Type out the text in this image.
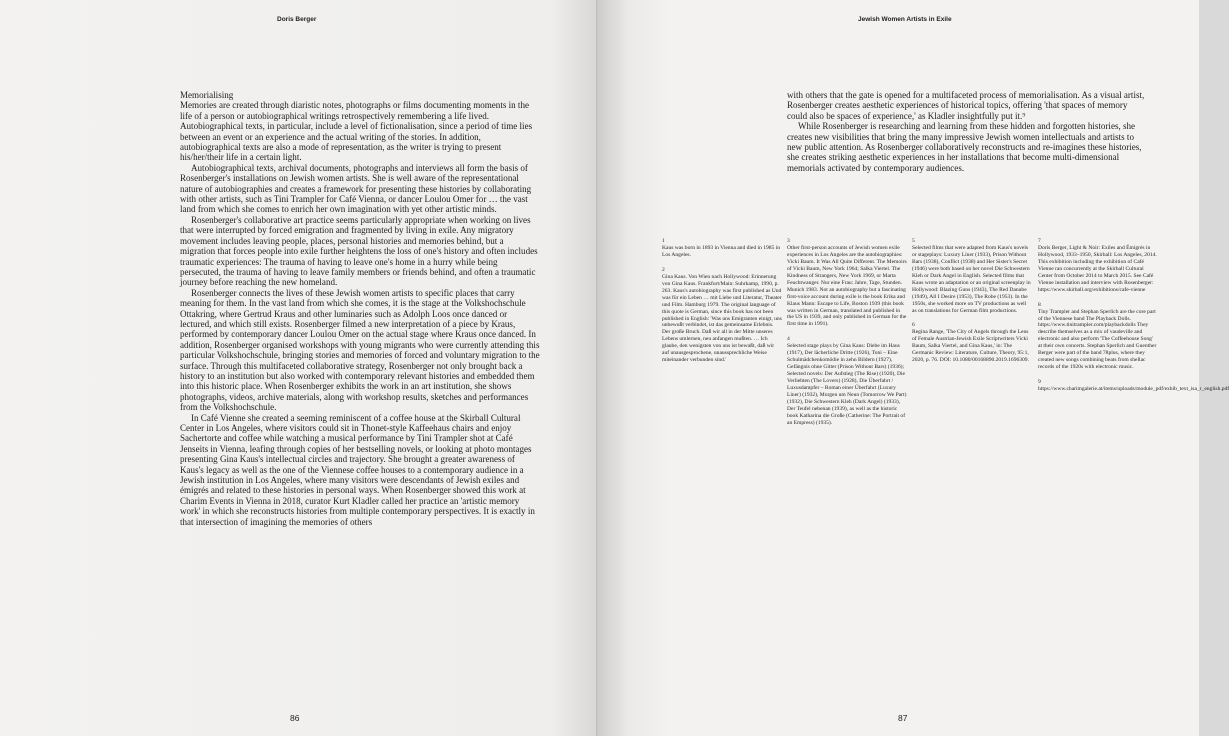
Doris Berger

Memorialising

Memories are created through diaristic notes, photographs or films documenting moments in the life of a person or autobiographical writings retrospectively remembering a life lived. Autobiographical texts, in particular, include a level of fictionalisation, since a period of time lies between an event or an experience and the actual writing of the stories. In addition, autobiographical texts are also a mode of representation, as the writer is trying to present his/her/their life in a certain light.

Autobiographical texts, archival documents, photographs and interviews all form the basis of Rosenberger's installations on Jewish women artists. She is well aware of the representational nature of autobiographies and creates a framework for presenting these histories by collaborating with other artists, such as Tini Trampler for Café Vienna, or dancer Loulou Omer for … the vast land from which she comes to enrich her own imagination with yet other artistic minds.

Rosenberger's collaborative art practice seems particularly appropriate when working on lives that were interrupted by forced emigration and fragmented by living in exile. Any migratory movement includes leaving people, places, personal histories and memories behind, but a migration that forces people into exile further heightens the loss of one's history and often includes traumatic experiences: The trauma of having to leave one's home in a hurry while being persecuted, the trauma of having to leave family members or friends behind, and often a traumatic journey before reaching the new homeland.

Rosenberger connects the lives of these Jewish women artists to specific places that carry meaning for them. In the vast land from which she comes, it is the stage at the Volkshochschule Ottakring, where Gertrud Kraus and other luminaries such as Adolph Loos once danced or lectured, and which still exists. Rosenberger filmed a new interpretation of a piece by Kraus, performed by contemporary dancer Loulou Omer on the actual stage where Kraus once danced. In addition, Rosenberger organised workshops with young migrants who were currently attending this particular Volkshochschule, bringing stories and memories of forced and voluntary migration to the surface. Through this multifaceted collaborative strategy, Rosenberger not only brought back a history to an institution but also worked with contemporary relevant histories and embedded them into this historic place. When Rosenberger exhibits the work in an art institution, she shows photographs, videos, archive materials, along with workshop results, sketches and performances from the Volkshochschule.

In Café Vienne she created a seeming reminiscent of a coffee house at the Skirball Cultural Center in Los Angeles, where visitors could sit in Thonet-style Kaffeehaus chairs and enjoy Sachertorte and coffee while watching a musical performance by Tini Trampler shot at Café Jenseits in Vienna, leafing through copies of her bestselling novels, or looking at photo montages presenting Gina Kaus's intellectual circles and trajectory. She brought a greater awareness of Kaus's legacy as well as the one of the Viennese coffee houses to a contemporary audience in a Jewish institution in Los Angeles, where many visitors were descendants of Jewish exiles and émigrés and related to these histories in personal ways. When Rosenberger showed this work at Charim Events in Vienna in 2018, curator Kurt Kladler called her practice an 'artistic memory work' in which she reconstructs histories from multiple contemporary perspectives. It is exactly in that intersection of imagining the memories of others

86
Jewish Women Artists in Exile

with others that the gate is opened for a multifaceted process of memorialisation. As a visual artist, Rosenberger creates aesthetic experiences of historical topics, offering 'that spaces of memory could also be spaces of experience,' as Kladler insightfully put it.⁹

While Rosenberger is researching and learning from these hidden and forgotten histories, she creates new visibilities that bring the many impressive Jewish women intellectuals and artists to new public attention. As Rosenberger collaboratively reconstructs and re-imagines these histories, she creates striking aesthetic experiences in her installations that become multi-dimensional memorials activated by contemporary audiences.

1
Kaus was born in 1893 in Vienna and died in 1985 in Los Angeles.
2
Gina Kaus. Von Wien nach Hollywood: Erinnerung von Gina Kaus. Frankfurt/Main: Suhrkamp, 1990, p. 263. Kaus's autobiography was first published as Und was für ein Leben … mit Liebe und Literatur, Theater und Film. Hamburg 1979. The original language of this quote is German, since this book has not been published in English: 'Was uns Emigranten einigt, uns unbewußt verbindet, ist das gemeinsame Erlebnis. Der große Bruch. Daß wir all in der Mitte unseres Lebens umlernen, neu anfangen mußten. … Ich glaube, den wenigsten von uns ist bewußt, daß wir auf unausgesprochene, unaussprechliche Weise miteinander verbunden sind.'
3
Other first-person accounts of Jewish women exile experiences in Los Angeles are the autobiographies: Vicki Baum. It Was All Quite Different. The Memoirs of Vicki Baum, New York 1964; Salka Viertel. The Kindness of Strangers, New York 1969, or Marta Feuchtwanger. Nur eine Frau: Jahre, Tage, Stunden. Munich 1983. Not an autobiography but a fascinating first-voice account during exile is the book Erika and Klaus Mann: Escape to Life, Boston 1939 (this book was written in German, translated and published in the US in 1939, and only published in German for the first time in 1991).
4
Selected stage plays by Gina Kaus: Diebe im Haus (1917), Der lächerliche Dritte (1926), Toni – Eine Schulmädchenkomödie in zehn Bildern (1927), Gefängnis ohne Gitter (Prison Without Bars) (1936); Selected novels: Der Aufstieg (The Rise) (1920), Die Verliebten (The Lovers) (1928), Die Überfahrt / Luxusdampfer – Roman einer Überfahrt (Luxury Liner) (1932), Morgen um Neun (Tomorrow We Part) (1932), Die Schwestern Kleh (Dark Angel) (1933), Der Teufel nebenan (1939), as well as the historic book Katharina die Große (Catherine: The Portrait of an Empress) (1935).
5
Selected films that were adapted from Kaus's novels or stageplays: Luxury Liner (1933), Prison Without Bars (1938), Conflict (1938) and Her Sister's Secret (1946) were both based on her novel Die Schwestern Kleh or Dark Angel in English. Selected films that Kaus wrote an adaptation or an original screenplay in Hollywood: Blazing Guns (1943), The Red Danube (1949), All I Desire (1953), The Robe (1953). In the 1950s, she worked more on TV productions as well as on translations for German film productions.
6
Regina Range, 'The City of Angels through the Lens of Female Austrian-Jewish Exile Scriptwriters Vicki Baum, Salka Viertel, and Gina Kaus,' in: The Germanic Review: Literature, Culture, Theory, 95:1, 2020, p. 76. DOI: 10.1080/00168890.2019.1696309.
7
Doris Berger, Light & Noir: Exiles and Émigrés in Hollywood, 1933–1950, Skirball: Los Angeles, 2014. This exhibition including the exhibition of Café Vienne ran concurrently at the Skirball Cultural Center from October 2014 to March 2015. See Café Vienne installation and interview with Rosenberger: https://www.skirball.org/exhibitions/cafe-vienne
8
Tiny Trampler and Stephan Sperlich are the core part of the Viennese band The Playback Dolls. https://www.tinitrampler.com/playbackdolls They describe themselves as a mix of vaudeville and electronic and also perform 'The Coffeehouse Song' at their own concerts. Stephan Sperlich and Guenther Berger were part of the band 78plus, where they created new songs combining beats from shellac records of the 1920s with electronic music.
9
https://www.charimgalerie.at/items/uploads/module_pdf/exhib_text_isa_r_english.pdf
87
